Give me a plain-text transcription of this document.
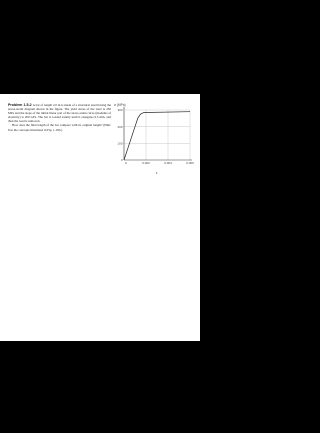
Problem 1.5-2 A bar of length 2.0 m is made of a structural steel having the stress-strain diagram shown in the figure. The yield stress of the steel is 250 MPa and the slope of the initial linear part of the stress-strain curve (modulus of elasticity) is 200 GPa. The bar is loaded axially until it elongates 6.5 mm, and then the load is removed.

How does the final length of the bar compare with its original length? (Hint: Use the concepts illustrated in Fig. 1-18b.)

σ (MPa)
0
100
200
300
0	0.002	0.004	0.006
ε
